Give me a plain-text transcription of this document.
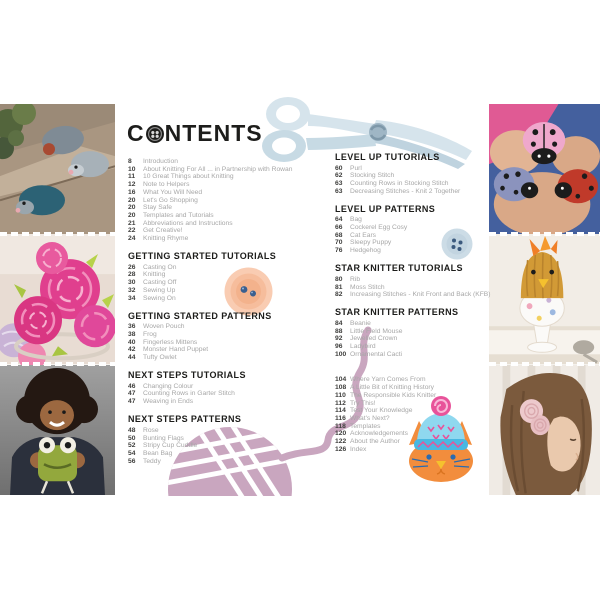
C NTENTS
8	Introduction
10	About Knitting For All ... in Partnership with Rowan
11	10 Great Things about Knitting
12	Note to Helpers
16	What You Will Need
20	Let's Go Shopping
20	Stay Safe
20	Templates and Tutorials
21	Abbreviations and Instructions
22	Get Creative!
24	Knitting Rhyme
GETTING STARTED TUTORIALS
26	Casting On
28	Knitting
30	Casting Off
32	Sewing Up
34	Sewing On
GETTING STARTED PATTERNS
36	Woven Pouch
38	Frog
40	Fingerless Mittens
42	Monster Hand Puppet
44	Tufty Owlet
NEXT STEPS TUTORIALS
46	Changing Colour
47	Counting Rows in Garter Stitch
47	Weaving in Ends
NEXT STEPS PATTERNS
48	Rose
50	Bunting Flags
52	Stripy Cup Cuddle
54	Bean Bag
56	Teddy
LEVEL UP TUTORIALS
60	Purl
62	Stocking Stitch
63	Counting Rows in Stocking Stitch
63	Decreasing Stitches - Knit 2 Together
LEVEL UP PATTERNS
64	Bag
66	Cockerel Egg Cosy
68	Cat Ears
70	Sleepy Puppy
76	Hedgehog
STAR KNITTER TUTORIALS
80	Rib
81	Moss Stitch
82	Increasing Stitches - Knit Front and Back (KFB)
STAR KNITTER PATTERNS
84	Beanie
88	Little Field Mouse
92	Jewelled Crown
96	Ladybird
100 Ornamental Cacti
104 Where Yarn Comes From
108 A Little Bit of Knitting History
110 The Responsible Kids Knitter
112 Try This!
114 Test Your Knowledge
116 What's Next?
118 Templates
120 Acknowledgements
122 About the Author
126 Index
